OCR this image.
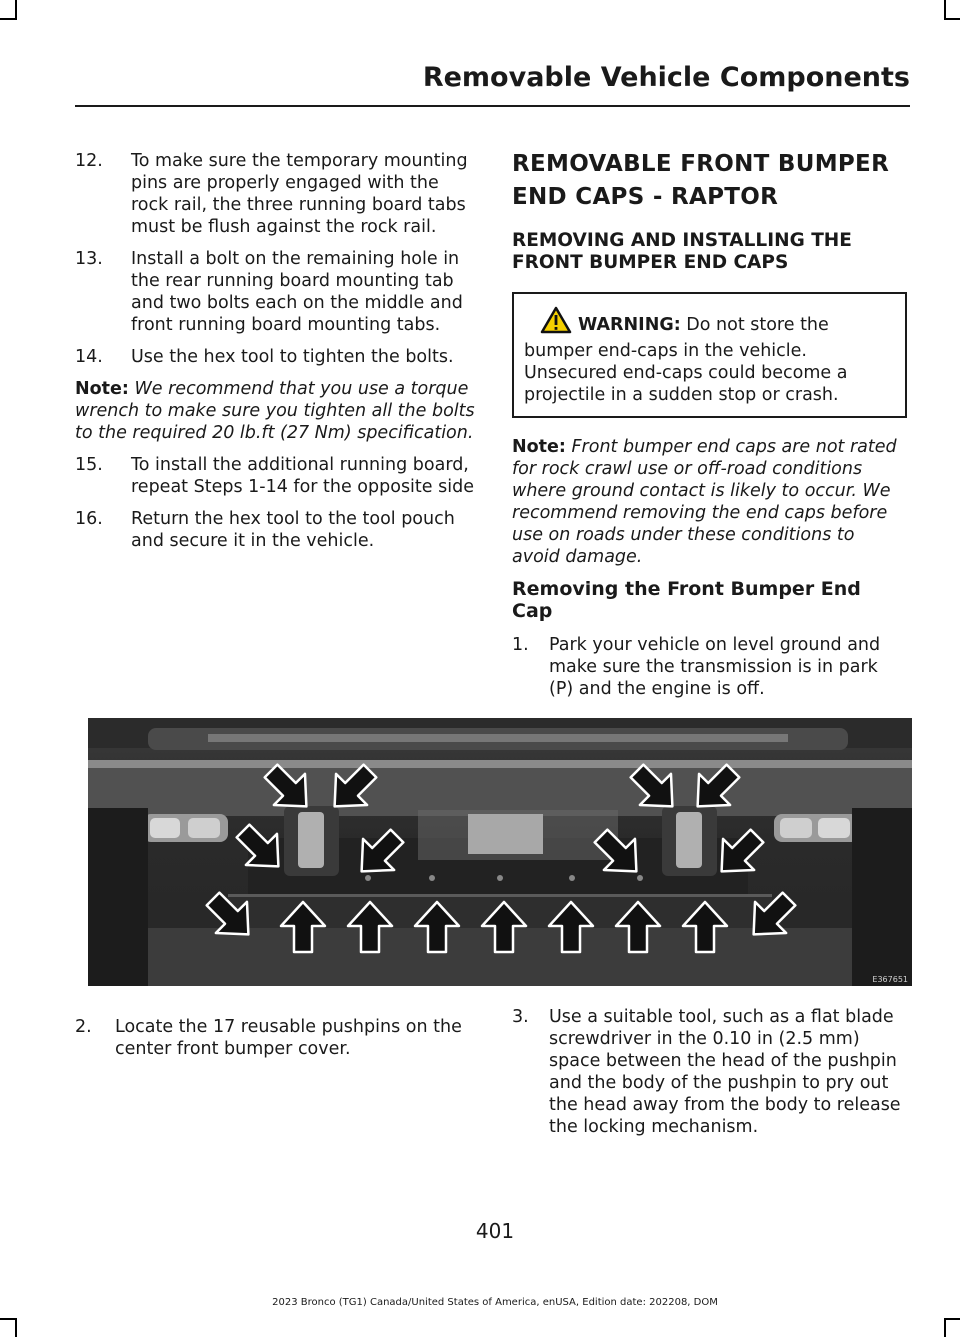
Removable Vehicle Components
12. To make sure the temporary mounting pins are properly engaged with the rock rail, the three running board tabs must be flush against the rock rail.
13. Install a bolt on the remaining hole in the rear running board mounting tab and two bolts each on the middle and front running board mounting tabs.
14. Use the hex tool to tighten the bolts.
Note: We recommend that you use a torque wrench to make sure you tighten all the bolts to the required 20 lb.ft (27 Nm) specification.
15. To install the additional running board, repeat Steps 1-14 for the opposite side
16. Return the hex tool to the tool pouch and secure it in the vehicle.
REMOVABLE FRONT BUMPER
END CAPS - RAPTOR
REMOVING AND INSTALLING THE FRONT BUMPER END CAPS
WARNING: Do not store the bumper end-caps in the vehicle. Unsecured end-caps could become a projectile in a sudden stop or crash.
Note: Front bumper end caps are not rated for rock crawl use or off-road conditions where ground contact is likely to occur. We recommend removing the end caps before use on roads under these conditions to avoid damage.
Removing the Front Bumper End Cap
1. Park your vehicle on level ground and make sure the transmission is in park (P) and the engine is off.
E367651
2. Locate the 17 reusable pushpins on the center front bumper cover.
3. Use a suitable tool, such as a flat blade screwdriver in the 0.10 in (2.5 mm) space between the head of the pushpin and the body of the pushpin to pry out the head away from the body to release the locking mechanism.
401
2023 Bronco (TG1) Canada/United States of America, enUSA, Edition date: 202208, DOM
